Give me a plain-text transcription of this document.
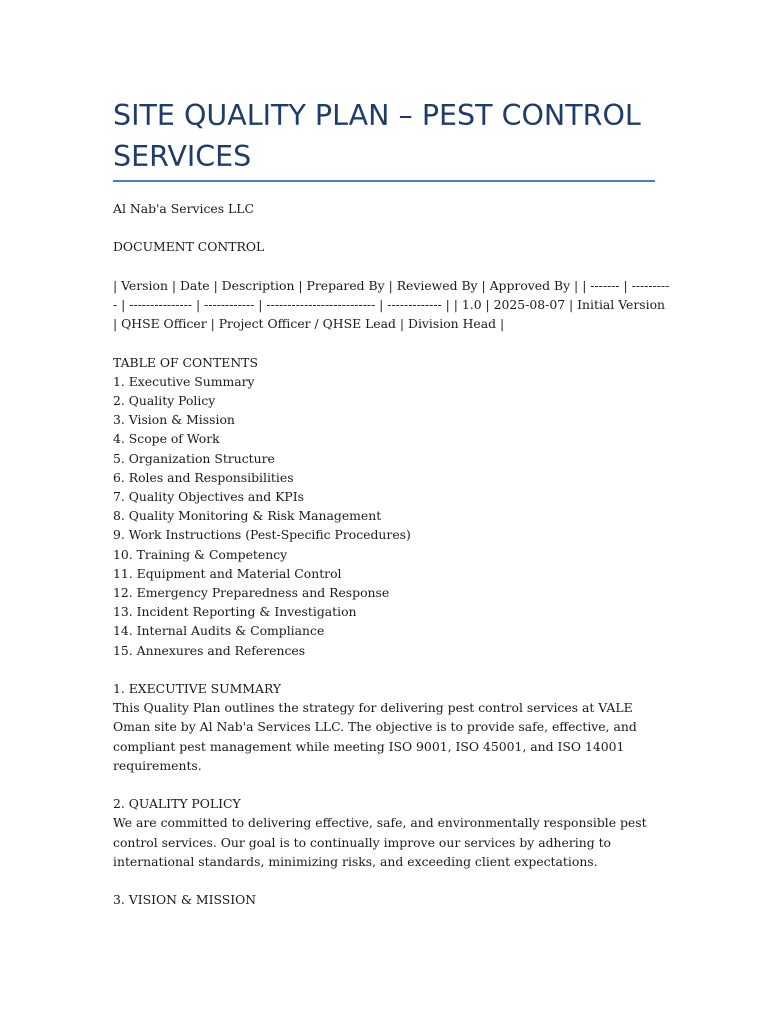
SITE QUALITY PLAN – PEST CONTROL SERVICES
Al Nab'a Services LLC
DOCUMENT CONTROL
| Version | Date | Description | Prepared By | Reviewed By | Approved By | | ------- | ---------- | --------------- | ------------ | -------------------------- | ------------- | | 1.0 | 2025-08-07 | Initial Version | QHSE Officer | Project Officer / QHSE Lead | Division Head |
TABLE OF CONTENTS
1. Executive Summary
2. Quality Policy
3. Vision & Mission
4. Scope of Work
5. Organization Structure
6. Roles and Responsibilities
7. Quality Objectives and KPIs
8. Quality Monitoring & Risk Management
9. Work Instructions (Pest-Specific Procedures)
10. Training & Competency
11. Equipment and Material Control
12. Emergency Preparedness and Response
13. Incident Reporting & Investigation
14. Internal Audits & Compliance
15. Annexures and References
1. EXECUTIVE SUMMARY
This Quality Plan outlines the strategy for delivering pest control services at VALE Oman site by Al Nab'a Services LLC. The objective is to provide safe, effective, and compliant pest management while meeting ISO 9001, ISO 45001, and ISO 14001 requirements.
2. QUALITY POLICY
We are committed to delivering effective, safe, and environmentally responsible pest control services. Our goal is to continually improve our services by adhering to international standards, minimizing risks, and exceeding client expectations.
3. VISION & MISSION
